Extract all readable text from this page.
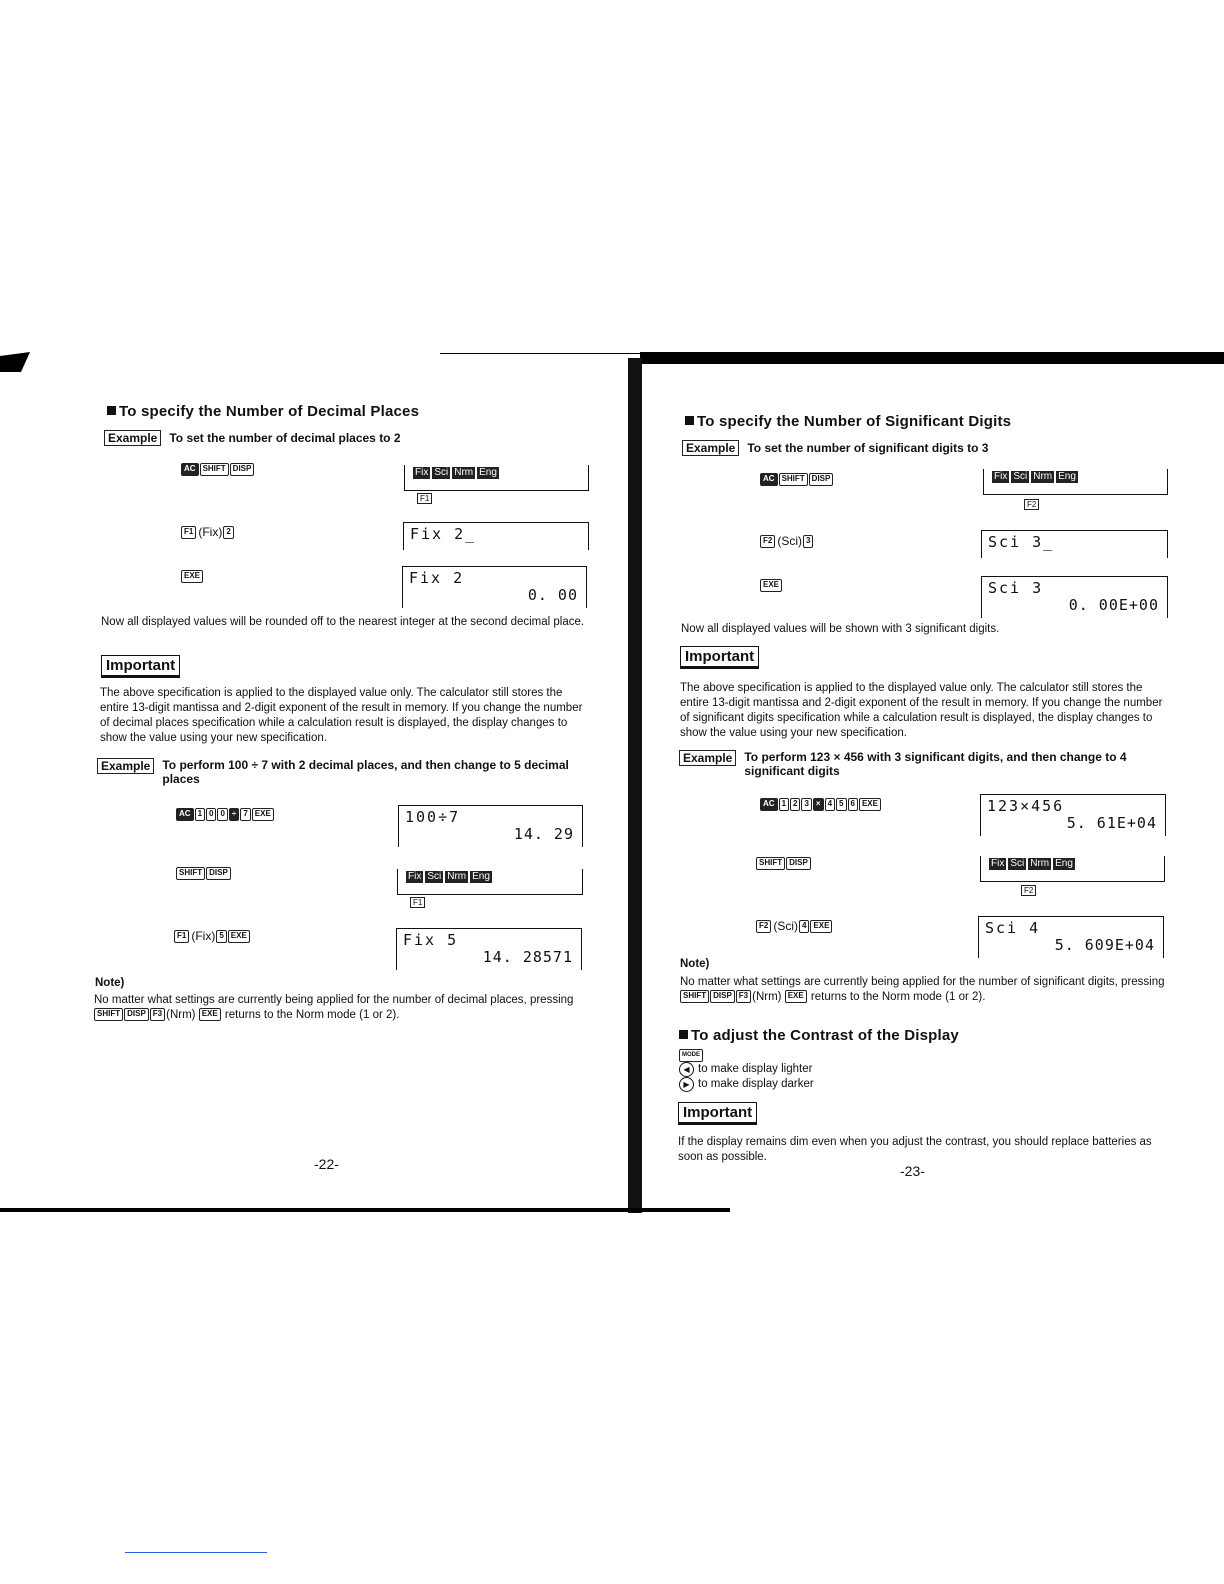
To specify the Number of Decimal Places
Example	To set the number of decimal places to 2
AC SHIFT DISP	Fix Sci Nrm Eng
F1
F1 (Fix) 2	Fix 2_
EXE	Fix 2
0. 00
Now all displayed values will be rounded off to the nearest integer at the second decimal place.
Important
The above specification is applied to the displayed value only. The calculator still stores the entire 13-digit mantissa and 2-digit exponent of the result in memory. If you change the number of decimal places specification while a calculation result is displayed, the display changes to show the value using your new specification.
Example	To perform 100 ÷ 7 with 2 decimal places, and then change to 5 decimal places
AC 1 0 0 ÷ 7 EXE	100÷7
14. 29
SHIFT DISP	Fix Sci Nrm Eng
F1
F1 (Fix) 5 EXE	Fix 5
14. 28571
Note)
No matter what settings are currently being applied for the number of decimal places, pressing SHIFT DISP F3 (Nrm) EXE returns to the Norm mode (1 or 2).
-22-
To specify the Number of Significant Digits
Example	To set the number of significant digits to 3
AC SHIFT DISP	Fix Sci Nrm Eng
F2
F2 (Sci) 3	Sci 3_
EXE	Sci 3
0. 00E+00
Now all displayed values will be shown with 3 significant digits.
Important
The above specification is applied to the displayed value only. The calculator still stores the entire 13-digit mantissa and 2-digit exponent of the result in memory. If you change the number of significant digits specification while a calculation result is displayed, the display changes to show the value using your new specification.
Example	To perform 123 × 456 with 3 significant digits, and then change to 4 significant digits
AC 1 2 3 × 4 5 6 EXE	123×456
5. 61E+04
SHIFT DISP	Fix Sci Nrm Eng
F2
F2 (Sci) 4 EXE	Sci 4
5. 609E+04
Note)
No matter what settings are currently being applied for the number of significant digits, pressing SHIFT DISP F3 (Nrm) EXE returns to the Norm mode (1 or 2).
To adjust the Contrast of the Display
MODE
◀ to make display lighter
▶ to make display darker
Important
If the display remains dim even when you adjust the contrast, you should replace batteries as soon as possible.
-23-
